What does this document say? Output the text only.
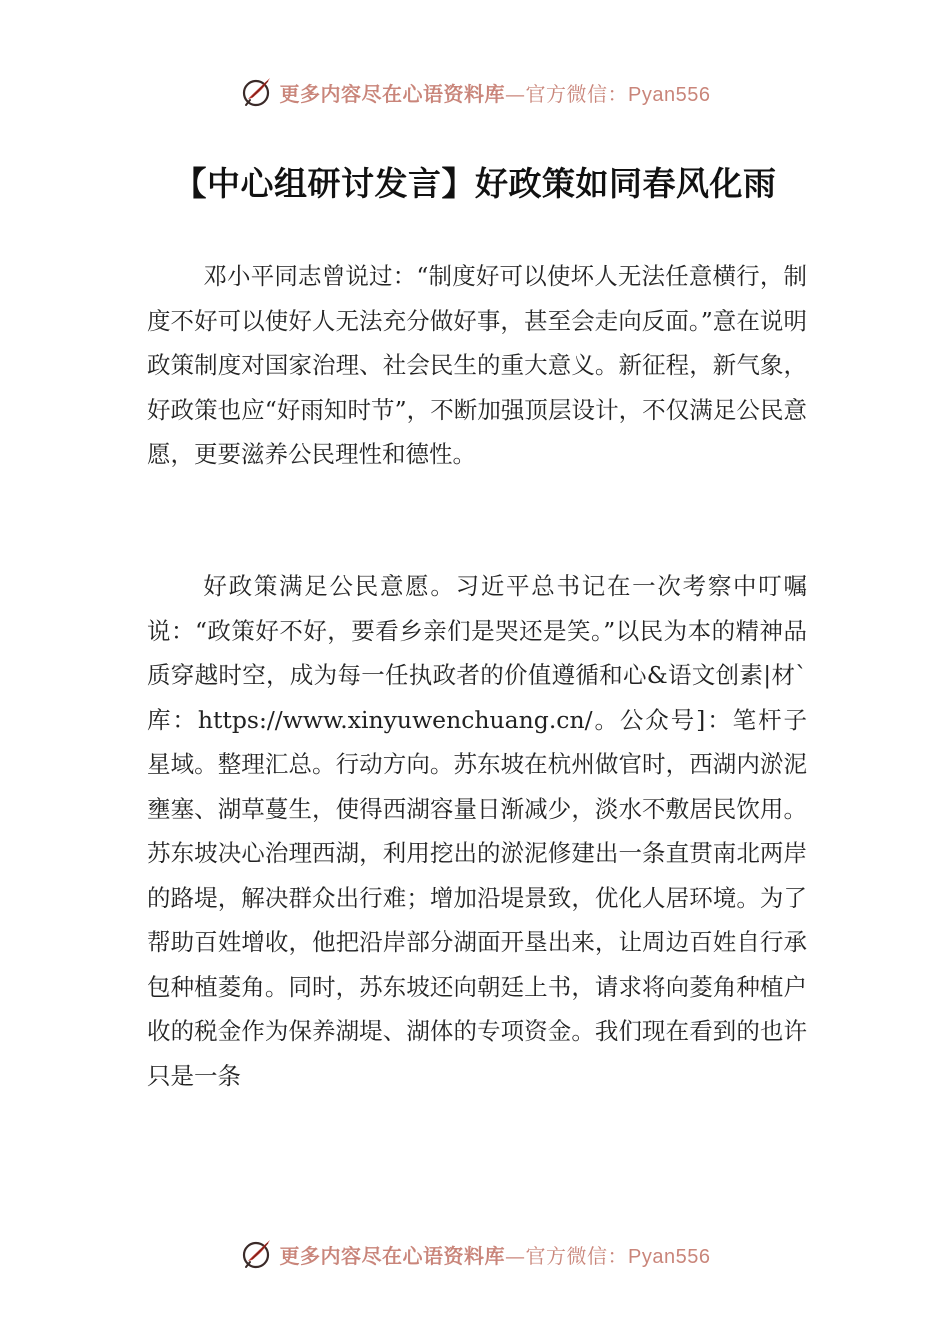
更多内容尽在心语资料库—官方微信：Pyan556
【中心组研讨发言】好政策如同春风化雨

邓小平同志曾说过：“制度好可以使坏人无法任意横行，制度不好可以使好人无法充分做好事，甚至会走向反面。”意在说明政策制度对国家治理、社会民生的重大意义。新征程，新气象，好政策也应“好雨知时节”，不断加强顶层设计，不仅满足公民意愿，更要滋养公民理性和德性。

好政策满足公民意愿。习近平总书记在一次考察中叮嘱说：“政策好不好，要看乡亲们是哭还是笑。”以民为本的精神品质穿越时空，成为每一任执政者的价值遵循和心&语文创素|材`库：https://www.xinyuwenchuang.cn/。公众号]：笔杆子星域。整理汇总。行动方向。苏东坡在杭州做官时，西湖内淤泥壅塞、湖草蔓生，使得西湖容量日渐减少，淡水不敷居民饮用。苏东坡决心治理西湖，利用挖出的淤泥修建出一条直贯南北两岸的路堤，解决群众出行难；增加沿堤景致，优化人居环境。为了帮助百姓增收，他把沿岸部分湖面开垦出来，让周边百姓自行承包种植菱角。同时，苏东坡还向朝廷上书，请求将向菱角种植户收的税金作为保养湖堤、湖体的专项资金。我们现在看到的也许只是一条

更多内容尽在心语资料库—官方微信：Pyan556
